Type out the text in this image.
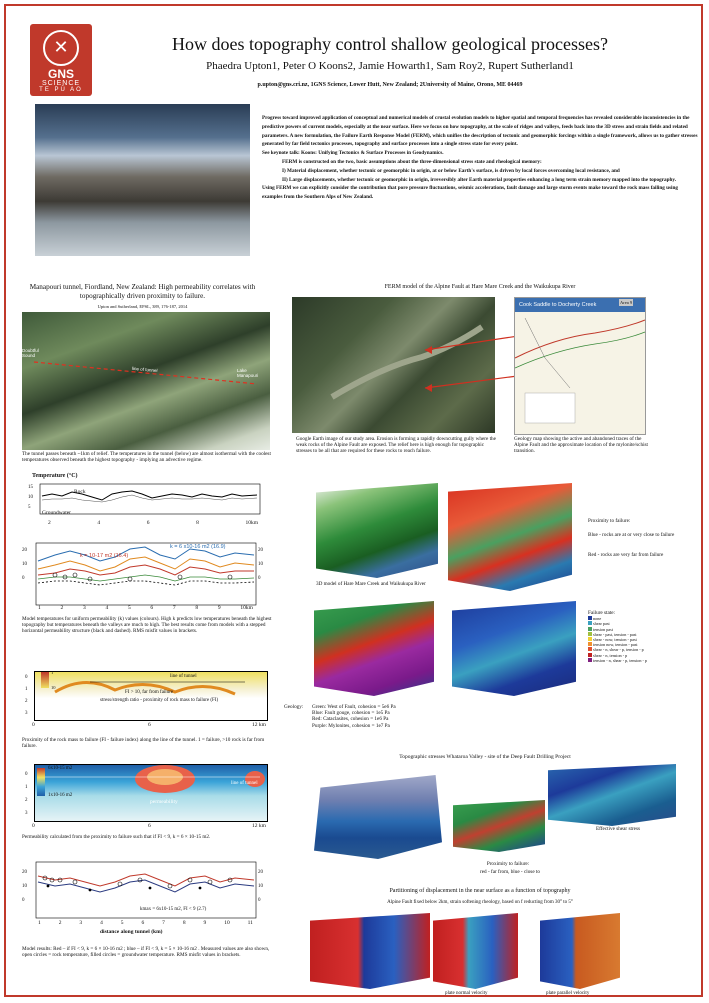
✕
GNS
SCIENCE
TE PŪ AO
How does topography control shallow geological processes?
Phaedra Upton1, Peter O Koons2, Jamie Howarth1, Sam Roy2, Rupert Sutherland1
p.upton@gns.cri.nz, 1GNS Science, Lower Hutt, New Zealand; 2University of Maine, Orono, ME 04469

Progress toward improved application of conceptual and numerical models of crustal evolution models to higher spatial and temporal frequencies has revealed considerable inconsistencies in the predictive powers of current models, especially at the near surface. Here we focus on how topography, at the scale of ridges and valleys, feeds back into the 3D stress and strain fields and related parameters. A new formulation, the Failure Earth Response Model (FERM), which unifies the description of tectonic and geomorphic forcings within a single framework, allows us to gather stresses generated by far field tectonics processes, topography and surface processes into a single stress state for every point.

See keynote talk: Koons: Unifying Tectonics & Surface Processes in Geodynamics.

FERM is constructed on the two, basic assumptions about the three-dimensional stress state and rheological memory:

I) Material displacement, whether tectonic or geomorphic in origin, at or below Earth's surface, is driven by local forces overcoming local resistance, and

II) Large displacements, whether tectonic or geomorphic in origin, irreversibly alter Earth material properties enhancing a long term strain memory mapped into the topography.

Using FERM we can explicitly consider the contribution that pore pressure fluctuations, seismic accelerations, fault damage and large storm events make toward the rock mass failing using examples from the Southern Alps of New Zealand.

Manapouri tunnel, Fiordland, New Zealand: High permeability correlates with topographically driven proximity to failure.
Upton and Sutherland, EPSL, 389, 176-187, 2014
Doubtful Sound
line of tunnel	Lake Manapouri
The tunnel passes beneath ~1km of relief. The temperatures in the tunnel (below) are almost isothermal with the coolest temperatures observed beneath the highest topography - implying an advective regime.
Temperature (°C)
Rock
Groundwater
15
10
5
2	4	6	8	10km
k = 10-17 m2 (16.4)
k = 6 x10-16 m2 (16.9)
20
10
0
20
10
0
1	2	3	4	5	6	7	8	9	10km
Model temperatures for uniform permeability (k) values (colours). High k predicts low temperatures beneath the highest topography but temperatures beneath the valleys are much to high. The best results come from models with a stepped horizontal permeability structure (black and dashed). RMS misfit values in brackets.
line of tunnel
FI > 10, far from failure
stress/strength ratio - proximity of rock mass to failure (FI)
1
10
0
1
2
3
0	6	12 km
Proximity of the rock mass to failure (FI - failure index) along the line of the tunnel. 1 = failure, >10 rock is far from failure.
permeability
line of tunnel
6x10-15 m2
1x10-16 m2
0
1
2
3
0	6	12 km
Permeability calculated from the proximity to failure such that if FI < 9, k = 6 × 10-15 m2.
20
10
0
20
10
0
kmax = 6x10-15 m2, FI < 9 (2.7)
1	2	3	4	5	6	7	8	9	10	11
distance along tunnel (km)
Model results: Red – if FI < 9, k = 6 × 10-16 m2 ; blue – if FI < 9, k = 5 × 10-16 m2 . Measured values are also shown, open circles = rock temperature, filled circles = groundwater temperature. RMS misfit values in brackets.
FERM model of the Alpine Fault at Hare Mare Creek and the Waikukupa River
Cook Saddle to Docherty Creek	Area 9
Google Earth image of our study area. Erosion is forming a rapidly downcutting gully where the weak rocks of the Alpine Fault are exposed. The relief here is high enough for topographic stresses to be all that are required for these rocks to reach failure.
Geology map showing the active and abandoned traces of the Alpine Fault and the approximate location of the mylonite/schist transition.
3D model of Hare Mare Creek and Waikukupa River
Proximity to failure:
Blue - rocks are at or very close to failure
Red - rocks are very far from failure
Failure state:
none
shear past
tension past
shear - past, tension - past
shear - now, tension - past
tension now, tension - past
shear - n, shear - p, tension - p
shear - n, tension - p
tension - n, shear - p, tension - p
Geology:	Green: West of Fault, cohesion = 5e6 Pa
Blue: Fault gouge, cohesion = 1e5 Pa
Red: Cataclasites, cohesion = 1e6 Pa
Purple: Mylonites, cohesion = 1e7 Pa
Topographic stresses Whataroa Valley - site of the Deep Fault Drilling Project
Effective shear stress
Proximity to failure:
red - far from, blue - close to
Partitioning of displacement in the near surface as a function of topography
Alpine Fault fixed below 2km, strain softening rheology, based on f reducting from 30° to 5°
plate normal velocity	plate parallel velocity
